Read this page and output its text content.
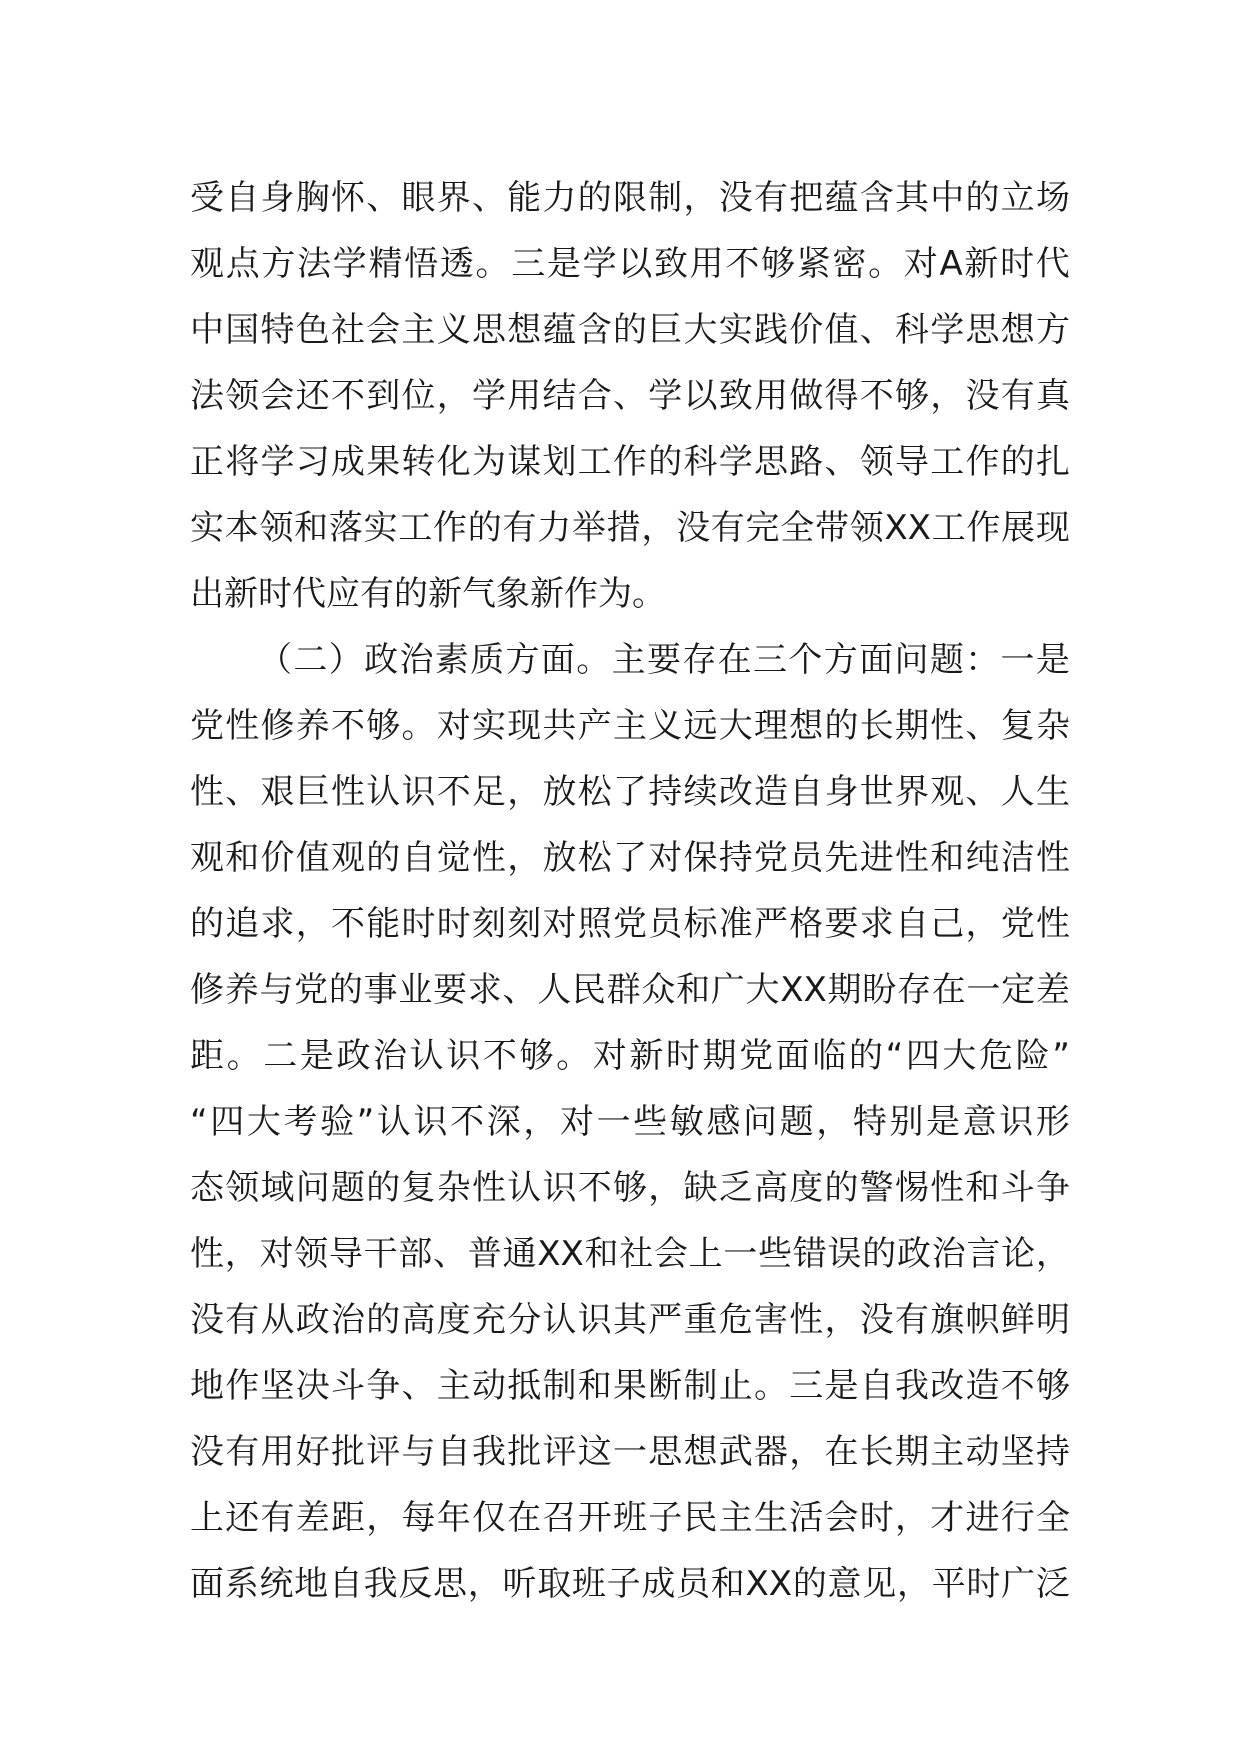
受 自 身 胸 怀 、 眼 界 、 能 力 的 限 制 ， 没 有 把 蕴 含 其 中 的 立 场
观 点 方 法 学 精 悟 透 。 三 是 学 以 致 用 不 够 紧 密 。 对 A 新 时 代
中 国 特 色 社 会 主 义 思 想 蕴 含 的 巨 大 实 践 价 值 、 科 学 思 想 方
法 领 会 还 不 到 位 ， 学 用 结 合 、 学 以 致 用 做 得 不 够 ， 没 有 真
正 将 学 习 成 果 转 化 为 谋 划 工 作 的 科 学 思 路 、 领 导 工 作 的 扎
实 本 领 和 落 实 工 作 的 有 力 举 措 ， 没 有 完 全 带 领 XX 工 作 展 现
出新时代应有的新气象新作为。
（ 二 ） 政 治 素 质 方 面 。 主 要 存 在 三 个 方 面 问 题 ： 一 是
党 性 修 养 不 够 。 对 实 现 共 产 主 义 远 大 理 想 的 长 期 性 、 复 杂
性 、 艰 巨 性 认 识 不 足 ， 放 松 了 持 续 改 造 自 身 世 界 观 、 人 生
观 和 价 值 观 的 自 觉 性 ， 放 松 了 对 保 持 党 员 先 进 性 和 纯 洁 性
的 追 求 ， 不 能 时 时 刻 刻 对 照 党 员 标 准 严 格 要 求 自 己 ， 党 性
修 养 与 党 的 事 业 要 求 、 人 民 群 众 和 广 大 XX 期 盼 存 在 一 定 差
距 。 二 是 政 治 认 识 不 够 。 对 新 时 期 党 面 临 的 “ 四 大 危 险 ”
“ 四 大 考 验 ” 认 识 不 深 ， 对 一 些 敏 感 问 题 ， 特 别 是 意 识 形
态 领 域 问 题 的 复 杂 性 认 识 不 够 ， 缺 乏 高 度 的 警 惕 性 和 斗 争
性 ， 对 领 导 干 部 、 普 通 XX 和 社 会 上 一 些 错 误 的 政 治 言 论 ，
没 有 从 政 治 的 高 度 充 分 认 识 其 严 重 危 害 性 ， 没 有 旗 帜 鲜 明
地 作 坚 决 斗 争 、 主 动 抵 制 和 果 断 制 止 。 三 是 自 我 改 造 不 够
没 有 用 好 批 评 与 自 我 批 评 这 一 思 想 武 器 ， 在 长 期 主 动 坚 持
上 还 有 差 距 ， 每 年 仅 在 召 开 班 子 民 主 生 活 会 时 ， 才 进 行 全
面 系 统 地 自 我 反 思 ， 听 取 班 子 成 员 和 XX 的 意 见 ， 平 时 广 泛
